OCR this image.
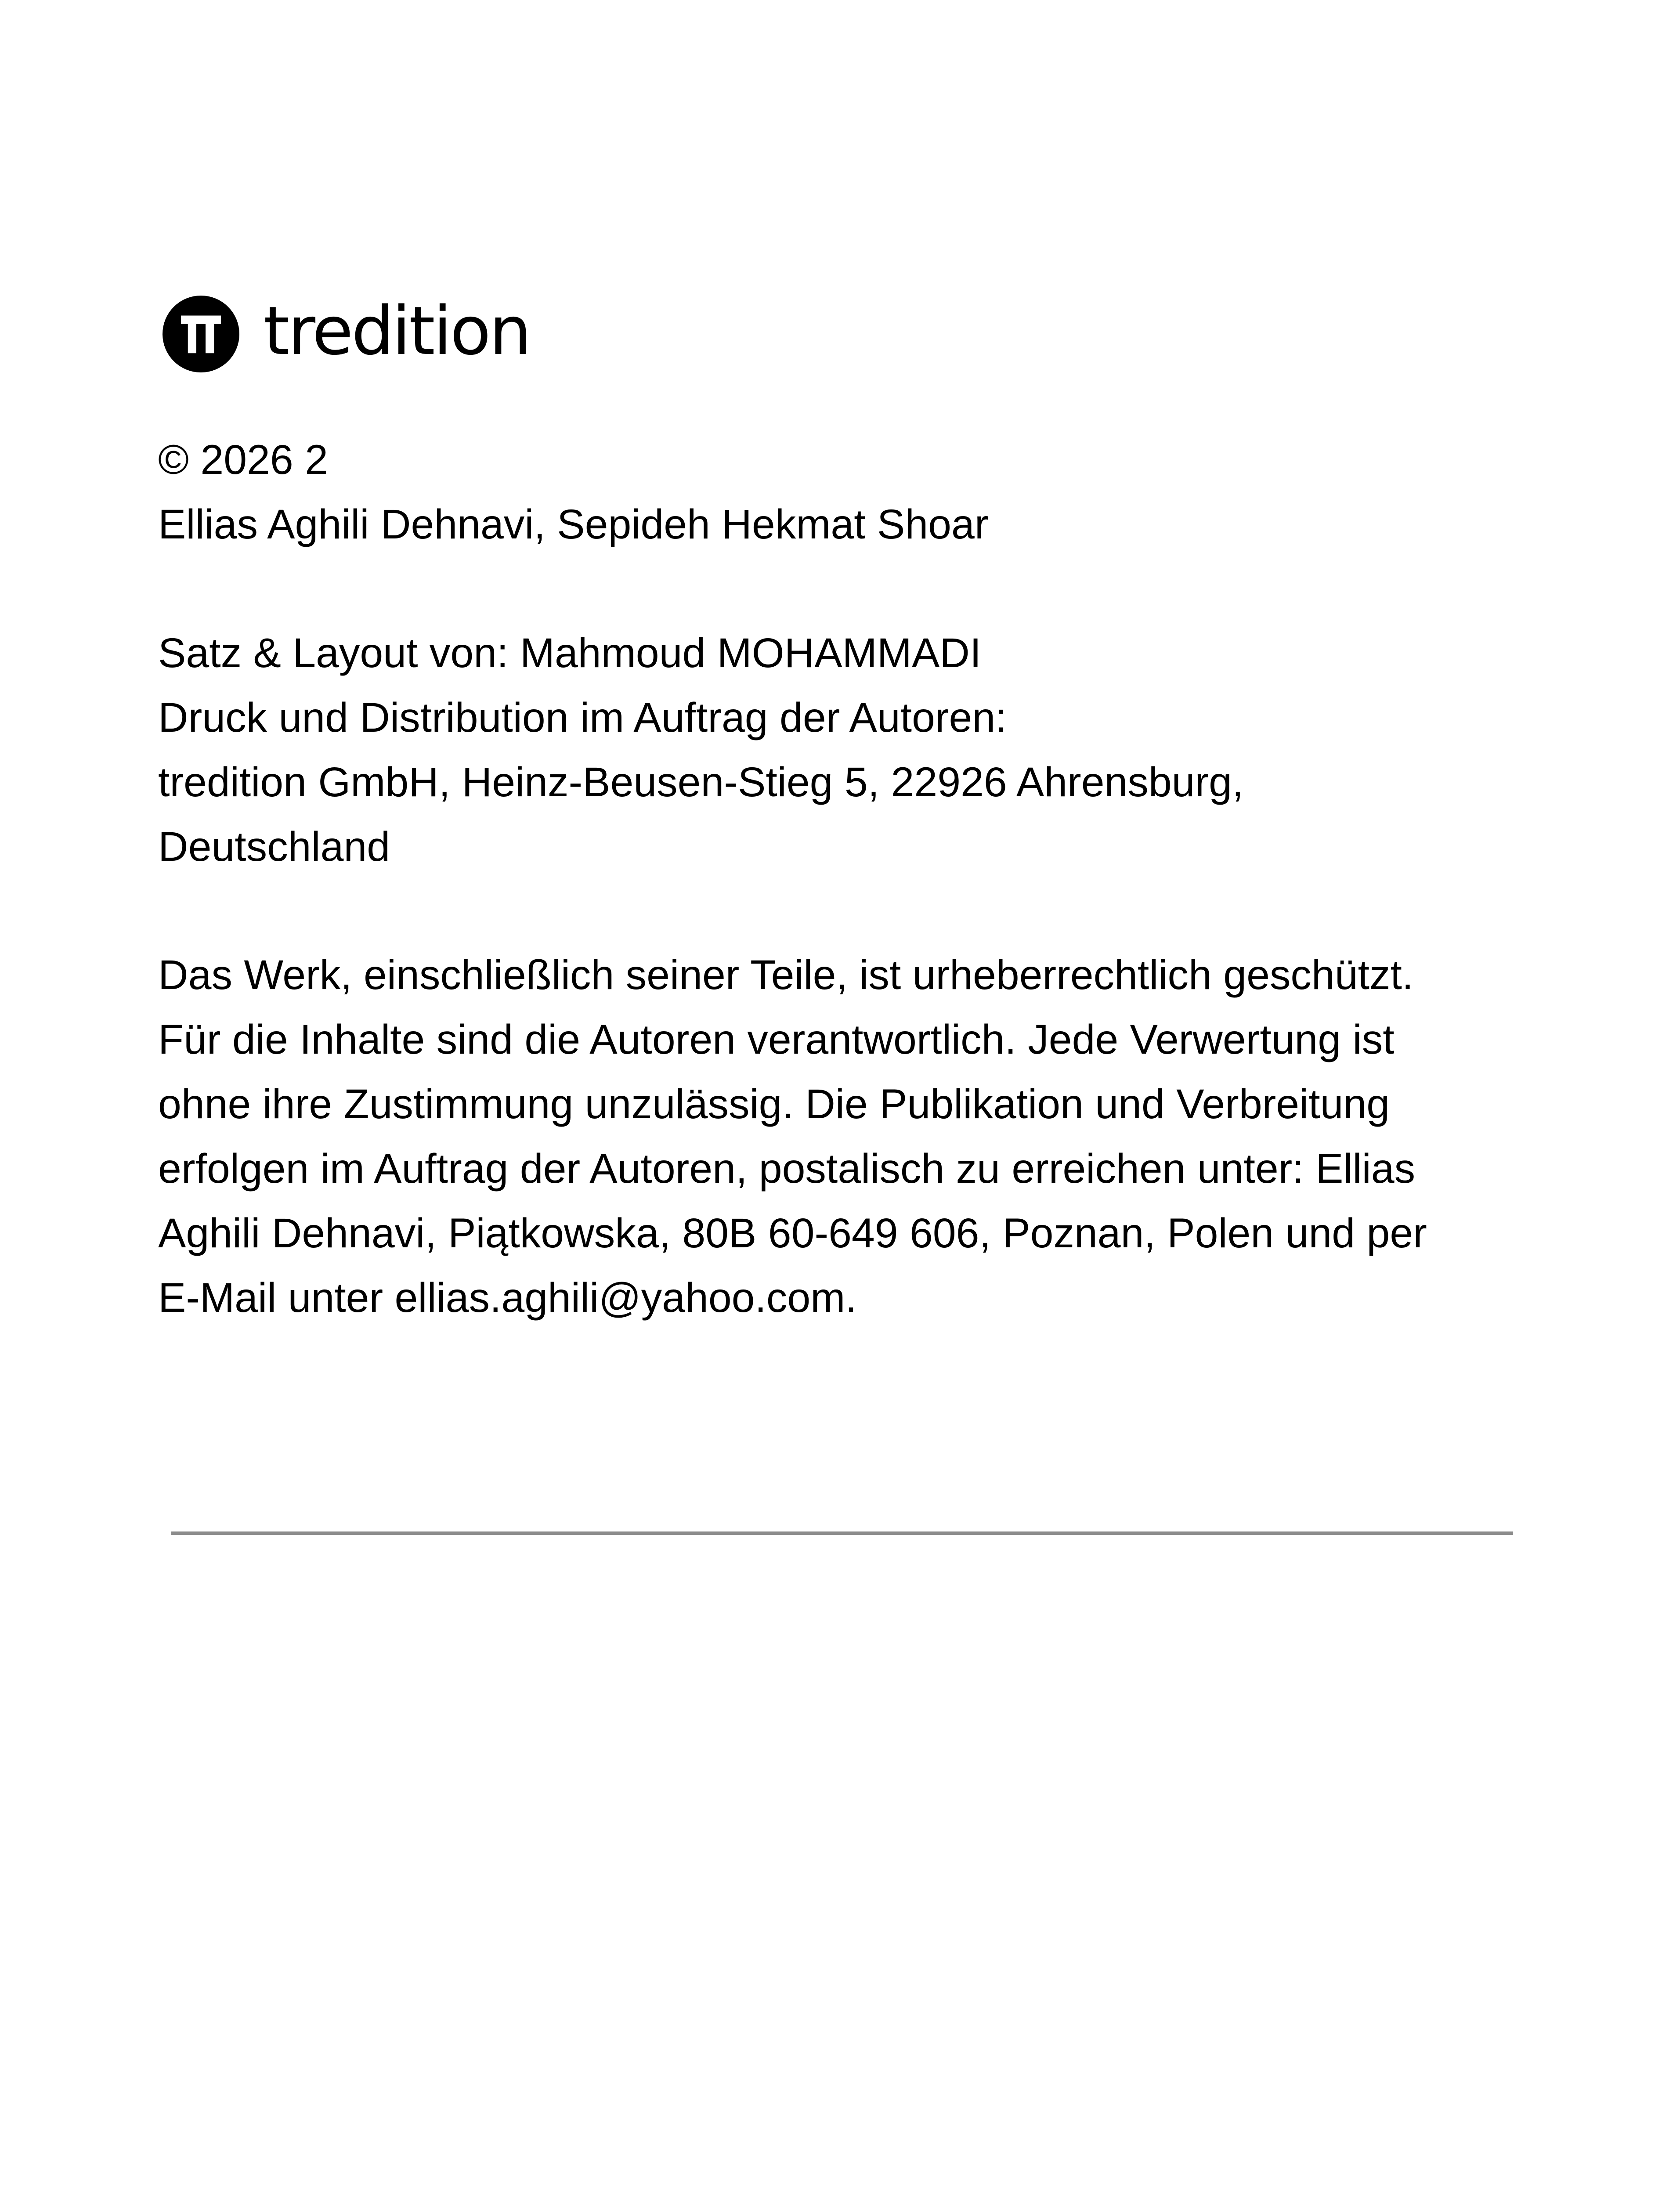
tredition
© 2026 2
Ellias Aghili Dehnavi, Sepideh Hekmat Shoar
Satz & Layout von: Mahmoud MOHAMMADI
Druck und Distribution im Auftrag der Autoren:
tredition GmbH, Heinz-Beusen-Stieg 5, 22926 Ahrensburg,
Deutschland
Das Werk, einschließlich seiner Teile, ist urheberrechtlich geschützt.
Für die Inhalte sind die Autoren verantwortlich. Jede Verwertung ist
ohne ihre Zustimmung unzulässig. Die Publikation und Verbreitung
erfolgen im Auftrag der Autoren, postalisch zu erreichen unter: Ellias
Aghili Dehnavi, Piątkowska, 80B 60-649 606, Poznan, Polen und per
E-Mail unter ellias.aghili@yahoo.com.
